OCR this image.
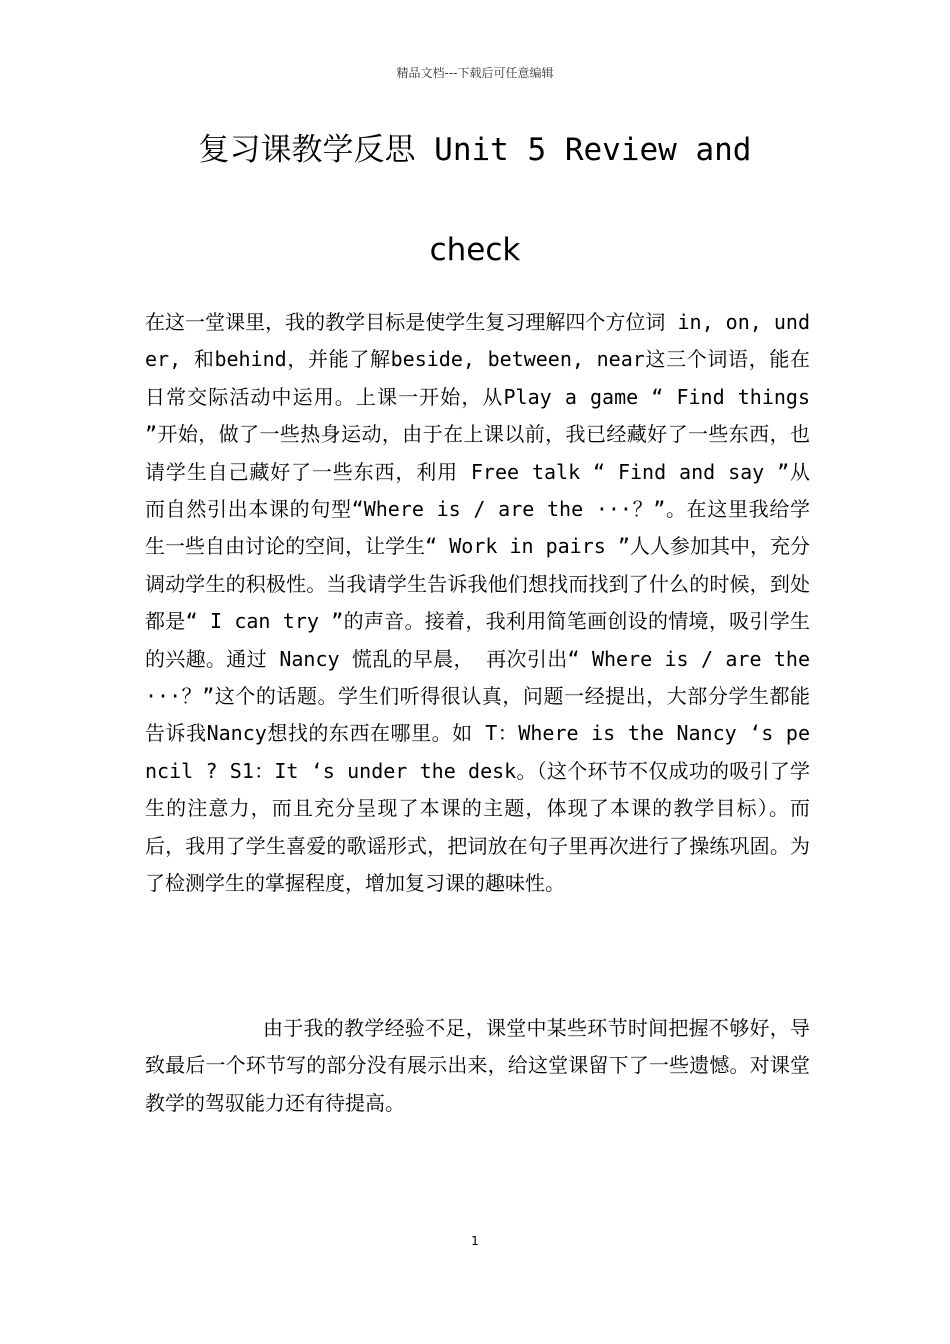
精品文档---下载后可任意编辑
复习课教学反思 Unit 5 Review and
check
在这一堂课里，我的教学目标是使学生复习理解四个方位词 in, on, under, 和behind，并能了解beside, between, near这三个词语，能在日常交际活动中运用。上课一开始，从Play a game “ Find things ”开始，做了一些热身运动，由于在上课以前，我已经藏好了一些东西，也请学生自己藏好了一些东西，利用 Free talk “ Find and say ”从而自然引出本课的句型“Where is / are the ···？”。在这里我给学生一些自由讨论的空间，让学生“ Work in pairs ”人人参加其中，充分调动学生的积极性。当我请学生告诉我他们想找而找到了什么的时候，到处都是“ I can try ”的声音。接着，我利用简笔画创设的情境，吸引学生的兴趣。通过 Nancy 慌乱的早晨， 再次引出“ Where is / are the ···？”这个的话题。学生们听得很认真，问题一经提出，大部分学生都能告诉我Nancy想找的东西在哪里。如 T：Where is the Nancy ‘s pencil ? S1：It ‘s under the desk。（这个环节不仅成功的吸引了学生的注意力，而且充分呈现了本课的主题，体现了本课的教学目标）。而后，我用了学生喜爱的歌谣形式，把词放在句子里再次进行了操练巩固。为了检测学生的掌握程度，增加复习课的趣味性。
由于我的教学经验不足，课堂中某些环节时间把握不够好，导致最后一个环节写的部分没有展示出来，给这堂课留下了一些遗憾。对课堂教学的驾驭能力还有待提高。
1
